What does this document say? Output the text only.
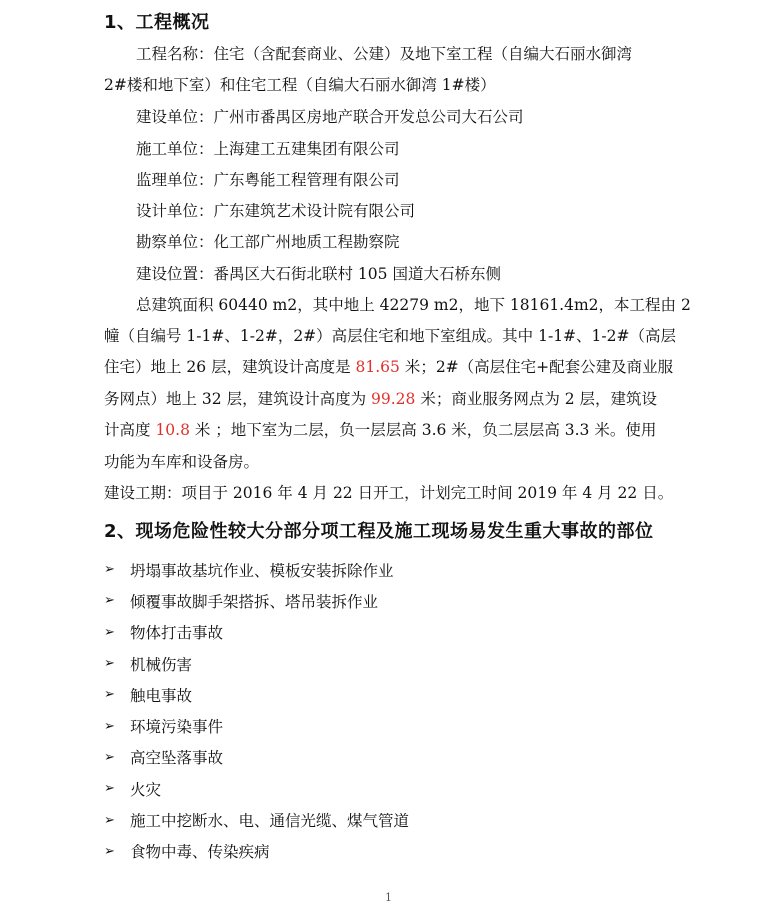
1、工程概况
工程名称：住宅（含配套商业、公建）及地下室工程（自编大石丽水御湾
2#楼和地下室）和住宅工程（自编大石丽水御湾 1#楼）
建设单位：广州市番禺区房地产联合开发总公司大石公司
施工单位：上海建工五建集团有限公司
监理单位：广东粤能工程管理有限公司
设计单位：广东建筑艺术设计院有限公司
勘察单位：化工部广州地质工程勘察院
建设位置：番禺区大石街北联村 105 国道大石桥东侧
总建筑面积 60440 m2，其中地上 42279 m2，地下 18161.4m2，本工程由 2
幢（自编号 1-1#、1-2#，2#）高层住宅和地下室组成。其中 1-1#、1-2#（高层
住宅）地上 26 层，建筑设计高度是 81.65 米；2#（高层住宅+配套公建及商业服
务网点）地上 32 层，建筑设计高度为 99.28 米；商业服务网点为 2 层，建筑设
计高度 10.8 米 ；地下室为二层，负一层层高 3.6 米，负二层层高 3.3 米。使用
功能为车库和设备房。
建设工期：项目于 2016 年 4 月 22 日开工，计划完工时间 2019 年 4 月 22 日。
2、现场危险性较大分部分项工程及施工现场易发生重大事故的部位
➢ 坍塌事故基坑作业、模板安装拆除作业
➢ 倾覆事故脚手架搭拆、塔吊装拆作业
➢ 物体打击事故
➢ 机械伤害
➢ 触电事故
➢ 环境污染事件
➢ 高空坠落事故
➢ 火灾
➢ 施工中挖断水、电、通信光缆、煤气管道
➢ 食物中毒、传染疾病
1
